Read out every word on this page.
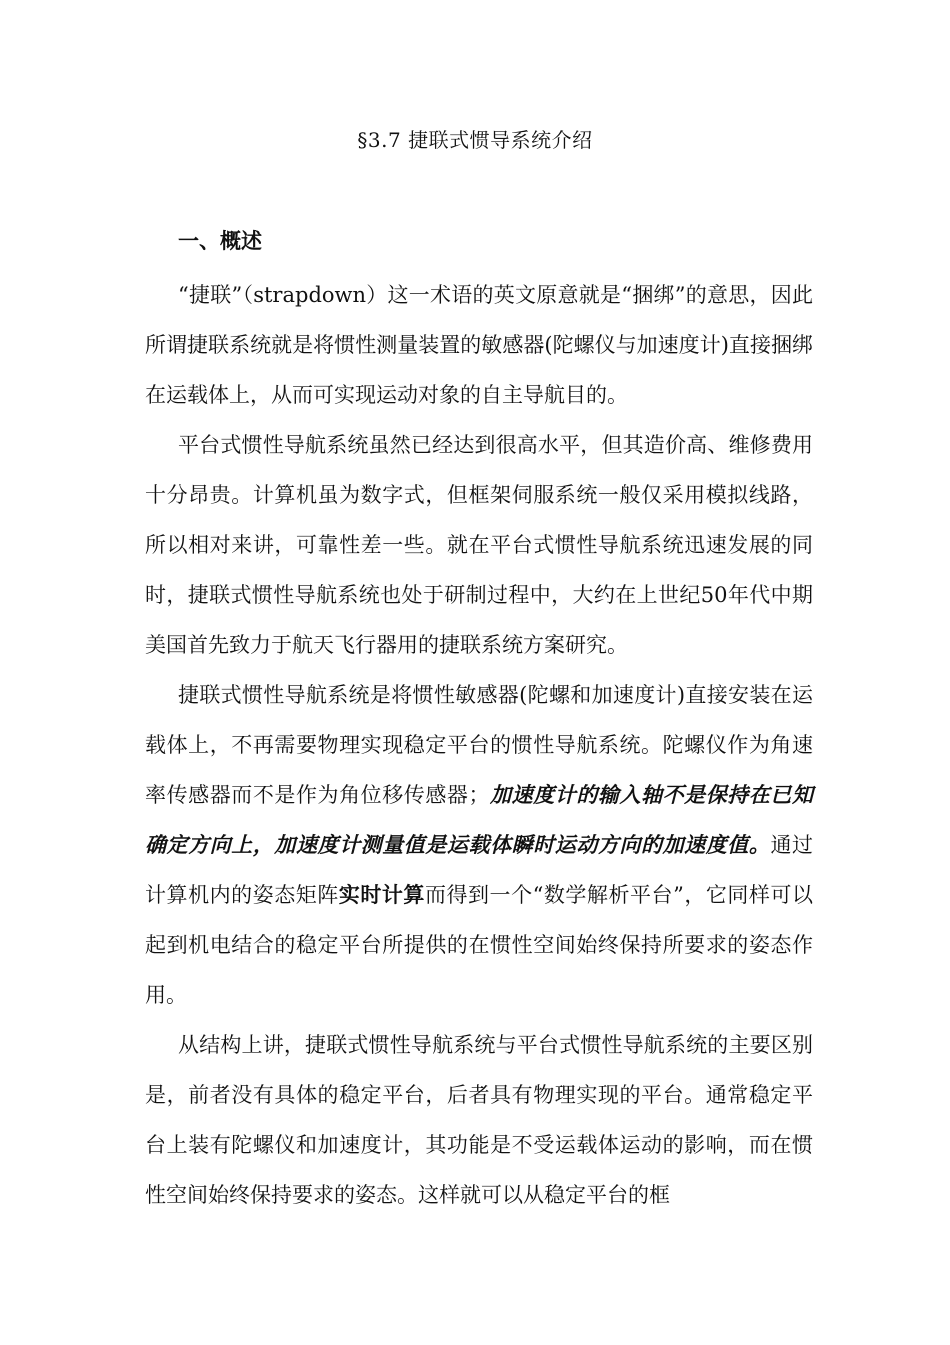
§3.7 捷联式惯导系统介绍
一、概述

“捷联”（strapdown）这一术语的英文原意就是“捆绑”的意思，因此所谓捷联系统就是将惯性测量装置的敏感器(陀螺仪与加速度计)直接捆绑在运载体上，从而可实现运动对象的自主导航目的。

平台式惯性导航系统虽然已经达到很高水平，但其造价高、维修费用十分昂贵。计算机虽为数字式，但框架伺服系统一般仅采用模拟线路，所以相对来讲，可靠性差一些。就在平台式惯性导航系统迅速发展的同时，捷联式惯性导航系统也处于研制过程中，大约在上世纪50年代中期美国首先致力于航天飞行器用的捷联系统方案研究。

捷联式惯性导航系统是将惯性敏感器(陀螺和加速度计)直接安装在运载体上，不再需要物理实现稳定平台的惯性导航系统。陀螺仪作为角速率传感器而不是作为角位移传感器；加速度计的输入轴不是保持在已知确定方向上，加速度计测量值是运载体瞬时运动方向的加速度值。通过计算机内的姿态矩阵实时计算而得到一个“数学解析平台”，它同样可以起到机电结合的稳定平台所提供的在惯性空间始终保持所要求的姿态作用。

从结构上讲，捷联式惯性导航系统与平台式惯性导航系统的主要区别是，前者没有具体的稳定平台，后者具有物理实现的平台。通常稳定平台上装有陀螺仪和加速度计，其功能是不受运载体运动的影响，而在惯性空间始终保持要求的姿态。这样就可以从稳定平台的框
